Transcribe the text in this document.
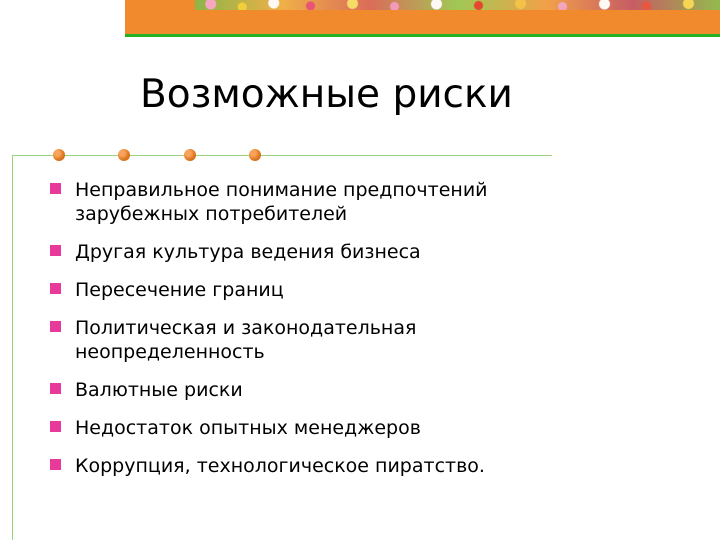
Возможные риски
Неправильное понимание предпочтений зарубежных потребителей
Другая культура ведения бизнеса
Пересечение границ
Политическая и законодательная неопределенность
Валютные риски
Недостаток опытных менеджеров
Коррупция, технологическое пиратство.
